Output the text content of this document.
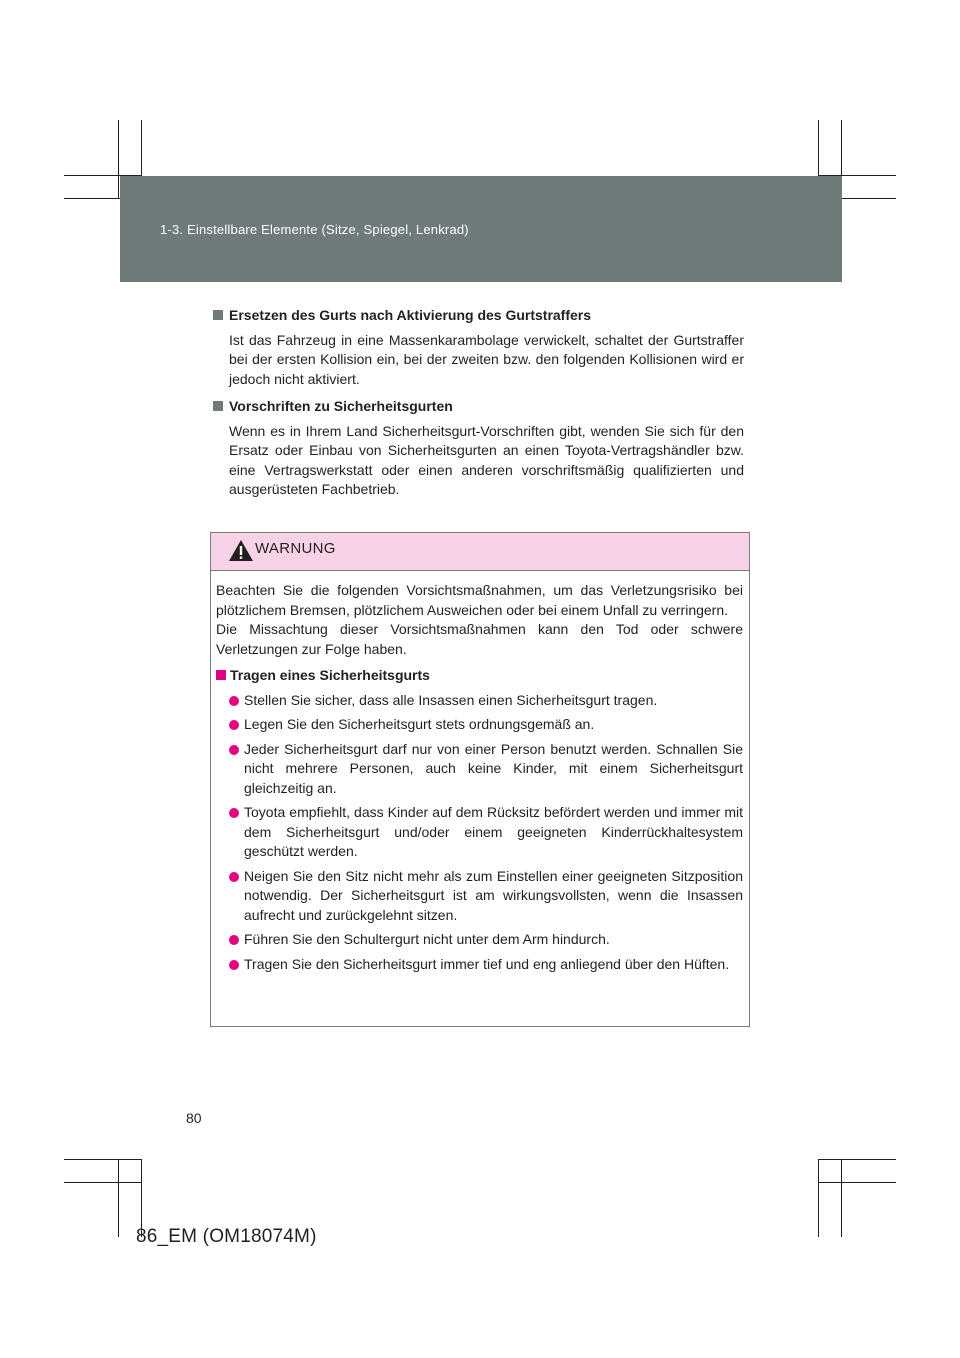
1-3. Einstellbare Elemente (Sitze, Spiegel, Lenkrad)
Ersetzen des Gurts nach Aktivierung des Gurtstraffers

Ist das Fahrzeug in eine Massenkarambolage verwickelt, schaltet der Gurtstraffer bei der ersten Kollision ein, bei der zweiten bzw. den folgenden Kollisionen wird er jedoch nicht aktiviert.

Vorschriften zu Sicherheitsgurten

Wenn es in Ihrem Land Sicherheitsgurt-Vorschriften gibt, wenden Sie sich für den Ersatz oder Einbau von Sicherheitsgurten an einen Toyota-Vertragshändler bzw. eine Vertragswerkstatt oder einen anderen vorschriftsmäßig qualifizierten und ausgerüsteten Fachbetrieb.

WARNUNG

Beachten Sie die folgenden Vorsichtsmaßnahmen, um das Verletzungsrisiko bei plötzlichem Bremsen, plötzlichem Ausweichen oder bei einem Unfall zu verringern.

Die Missachtung dieser Vorsichtsmaßnahmen kann den Tod oder schwere Verletzungen zur Folge haben.

Tragen eines Sicherheitsgurts
Stellen Sie sicher, dass alle Insassen einen Sicherheitsgurt tragen.
Legen Sie den Sicherheitsgurt stets ordnungsgemäß an.
Jeder Sicherheitsgurt darf nur von einer Person benutzt werden. Schnallen Sie nicht mehrere Personen, auch keine Kinder, mit einem Sicherheitsgurt gleichzeitig an.
Toyota empfiehlt, dass Kinder auf dem Rücksitz befördert werden und immer mit dem Sicherheitsgurt und/oder einem geeigneten Kinderrückhaltesystem geschützt werden.
Neigen Sie den Sitz nicht mehr als zum Einstellen einer geeigneten Sitzposition notwendig. Der Sicherheitsgurt ist am wirkungsvollsten, wenn die Insassen aufrecht und zurückgelehnt sitzen.
Führen Sie den Schultergurt nicht unter dem Arm hindurch.
Tragen Sie den Sicherheitsgurt immer tief und eng anliegend über den Hüften.
80
86_EM (OM18074M)
